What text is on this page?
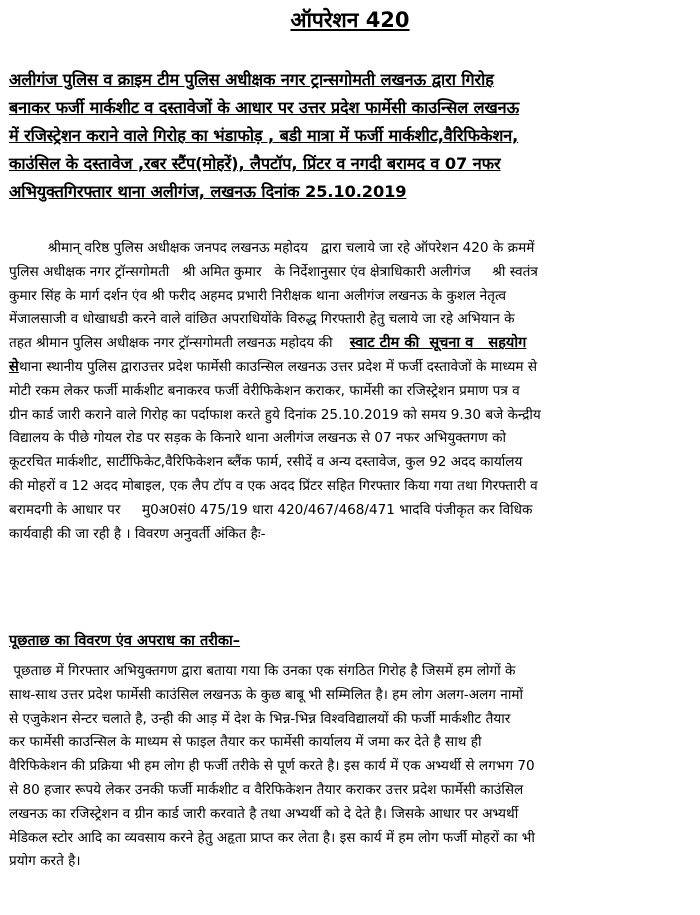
ऑपरेशन 420
अलीगंज पुलिस व क्राइम टीम पुलिस अधीक्षक नगर ट्रान्सगोमती लखनऊ द्वारा गिरोह
बनाकर फर्जी मार्कशीट व दस्तावेजों के आधार पर उत्तर प्रदेश फार्मेसी काउन्सिल लखनऊ
में रजिस्ट्रेशन कराने वाले गिरोह का भंडाफोड़ , बडी मात्रा में फर्जी मार्कशीट,वैरिफिकेशन,
काउंसिल के दस्तावेज ,रबर स्टैंप(मोहरें), लैपटॉप, प्रिंटर व नगदी बरामद व 07 नफर
अभियुक्तगिरफ्तार थाना अलीगंज, लखनऊ दिनांक 25.10.2019
श्रीमान् वरिष्ठ पुलिस अधीक्षक जनपद लखनऊ महोदय   द्वारा चलाये जा रहे ऑपरेशन 420 के क्रममें
पुलिस अधीक्षक नगर ट्रॉन्सगोमती   श्री अमित कुमार   के निर्देशानुसार एंव क्षेत्राधिकारी अलीगंज     श्री स्वतंत्र
कुमार सिंह के मार्ग दर्शन एंव श्री फरीद अहमद प्रभारी निरीक्षक थाना अलीगंज लखनऊ के कुशल नेतृत्व
मेंजालसाजी व धोखाधडी करने वाले वांछित अपराधियोंके विरुद्ध गिरफ्तारी हेतु चलाये जा रहे अभियान के
तहत श्रीमान पुलिस अधीक्षक नगर ट्रॉन्सगोमती लखनऊ महोदय की    स्वाट टीम की  सूचना व   सहयोग
सेथाना स्थानीय पुलिस द्वाराउत्तर प्रदेश फार्मेसी काउन्सिल लखनऊ उत्तर प्रदेश में फर्जी दस्तावेजों के माध्यम से
मोटी रकम लेकर फर्जी मार्कशीट बनाकरव फर्जी वेरीफिकेशन कराकर, फार्मेसी का रजिस्ट्रेशन प्रमाण पत्र व
ग्रीन कार्ड जारी कराने वाले गिरोह का पर्दाफाश करते हुये दिनांक 25.10.2019 को समय 9.30 बजे केन्द्रीय
विद्यालय के पीछे गोयल रोड पर सड़क के किनारे थाना अलीगंज लखनऊ से 07 नफर अभियुक्तगण को
कूटरचित मार्कशीट, सार्टीफिकेट,वैरिफिकेशन ब्लैंक फार्म, रसीदें व अन्य दस्तावेज, कुल 92 अदद कार्यालय
की मोहरों व 12 अदद मोबाइल, एक लैप टॉप व एक अदद प्रिंटर सहित गिरफ्तार किया गया तथा गिरफ्तारी व
बरामदगी के आधार पर     मु0अ0सं0 475/19 धारा 420/467/468/471 भादवि पंजीकृत कर विधिक
कार्यवाही की जा रही है । विवरण अनुवर्ती अंकित हैः-
पूछताछ का विवरण एंव अपराध का तरीका–
पूछताछ में गिरफ्तार अभियुक्तगण द्वारा बताया गया कि उनका एक संगठित गिरोह है जिसमें हम लोगों के
साथ-साथ उत्तर प्रदेश फार्मेसी काउंसिल लखनऊ के कुछ बाबू भी सम्मिलित है। हम लोग अलग-अलग नामों
से एजुकेशन सेन्टर चलाते है, उन्ही की आड़ में देश के भिन्न-भिन्न विश्वविद्यालयों की फर्जी मार्कशीट तैयार
कर फार्मेसी काउन्सिल के माध्यम से फाइल तैयार कर फार्मेसी कार्यालय में जमा कर देते है साथ ही
वैरिफिकेशन की प्रक्रिया भी हम लोग ही फर्जी तरीके से पूर्ण करते है। इस कार्य में एक अभ्यर्थी से लगभग 70
से 80 हजार रूपये लेकर उनकी फर्जी मार्कशीट व वैरिफिकेशन तैयार कराकर उत्तर प्रदेश फार्मेसी काउंसिल
लखनऊ का रजिस्ट्रेशन व ग्रीन कार्ड जारी करवाते है तथा अभ्यर्थी को दे देते है। जिसके आधार पर अभ्यर्थी
मेडिकल स्टोर आदि का व्यवसाय करने हेतु अहृता प्राप्त कर लेता है। इस कार्य में हम लोग फर्जी मोहरों का भी
प्रयोग करते है।
